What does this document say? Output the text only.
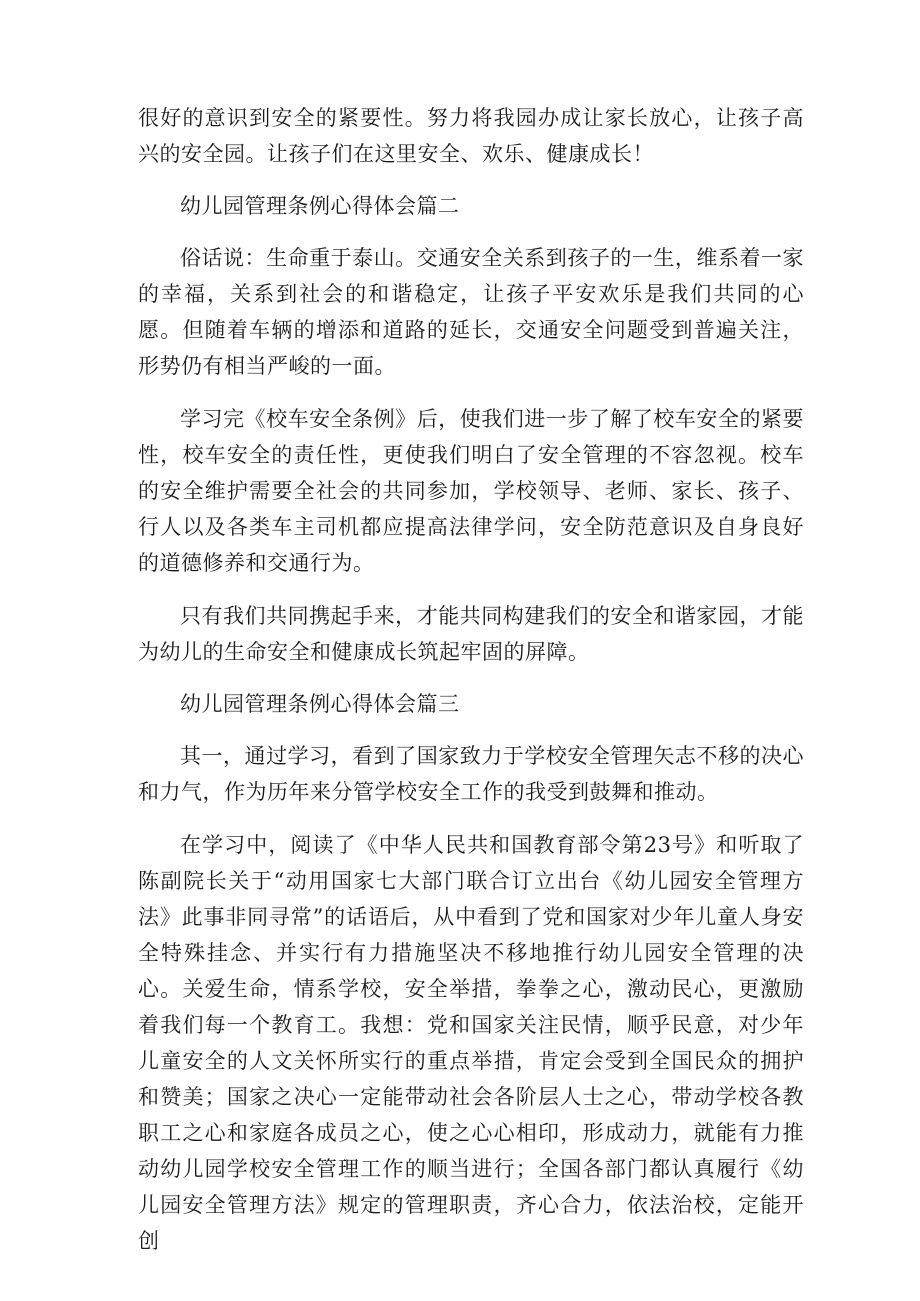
很好的意识到安全的紧要性。努力将我园办成让家长放心，让孩子高兴的安全园。让孩子们在这里安全、欢乐、健康成长！

幼儿园管理条例心得体会篇二

俗话说：生命重于泰山。交通安全关系到孩子的一生，维系着一家的幸福，关系到社会的和谐稳定，让孩子平安欢乐是我们共同的心愿。但随着车辆的增添和道路的延长，交通安全问题受到普遍关注，形势仍有相当严峻的一面。

学习完《校车安全条例》后，使我们进一步了解了校车安全的紧要性，校车安全的责任性，更使我们明白了安全管理的不容忽视。校车的安全维护需要全社会的共同参加，学校领导、老师、家长、孩子、行人以及各类车主司机都应提高法律学问，安全防范意识及自身良好的道德修养和交通行为。

只有我们共同携起手来，才能共同构建我们的安全和谐家园，才能为幼儿的生命安全和健康成长筑起牢固的屏障。

幼儿园管理条例心得体会篇三

其一，通过学习，看到了国家致力于学校安全管理矢志不移的决心和力气，作为历年来分管学校安全工作的我受到鼓舞和推动。

在学习中，阅读了《中华人民共和国教育部令第23号》和听取了陈副院长关于“动用国家七大部门联合订立出台《幼儿园安全管理方法》此事非同寻常”的话语后，从中看到了党和国家对少年儿童人身安全特殊挂念、并实行有力措施坚决不移地推行幼儿园安全管理的决心。关爱生命，情系学校，安全举措，拳拳之心，激动民心，更激励着我们每一个教育工。我想：党和国家关注民情，顺乎民意，对少年儿童安全的人文关怀所实行的重点举措，肯定会受到全国民众的拥护和赞美；国家之决心一定能带动社会各阶层人士之心，带动学校各教职工之心和家庭各成员之心，使之心心相印，形成动力，就能有力推动幼儿园学校安全管理工作的顺当进行；全国各部门都认真履行《幼儿园安全管理方法》规定的管理职责，齐心合力，依法治校，定能开创
